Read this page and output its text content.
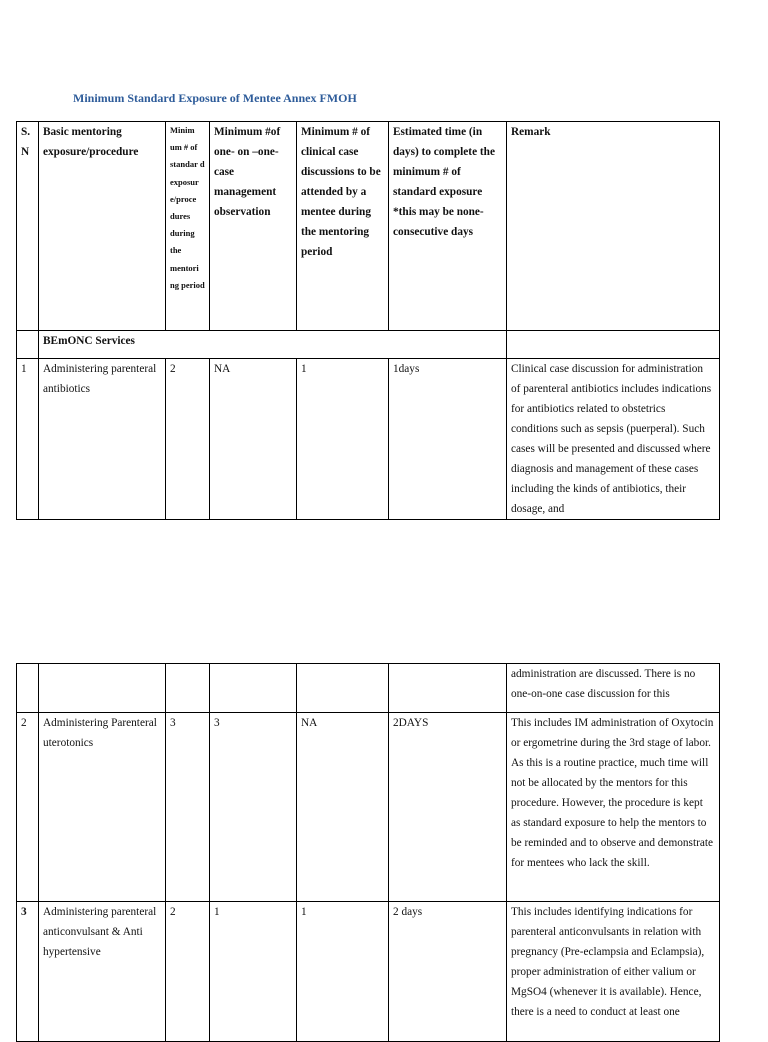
Minimum Standard Exposure of Mentee Annex FMOH
S. N	Basic mentoring exposure/procedure	Minim um # of standar d exposur e/proce dures during the mentori ng period	Minimum #of one- on –one- case management observation	Minimum # of clinical case discussions to be attended by a mentee during the mentoring period	Estimated time (in days) to complete the minimum # of standard exposure *this may be none- consecutive days	Remark
	BEmONC Services					
1	Administering parenteral antibiotics	2	NA	1	1days	Clinical case discussion for administration of parenteral antibiotics includes indications for antibiotics related to obstetrics conditions such as sepsis (puerperal). Such cases will be presented and discussed where diagnosis and management of these cases including the kinds of antibiotics, their dosage, and
						administration are discussed. There is no one-on-one case discussion for this
2	Administering Parenteral uterotonics	3	3	NA	2DAYS	This includes IM administration of Oxytocin or ergometrine during the 3rd stage of labor. As this is a routine practice, much time will not be allocated by the mentors for this procedure. However, the procedure is kept as standard exposure to help the mentors to be reminded and to observe and demonstrate for mentees who lack the skill.
3	Administering parenteral anticonvulsant & Anti hypertensive	2	1	1	2 days	This includes identifying indications for parenteral anticonvulsants in relation with pregnancy (Pre-eclampsia and Eclampsia), proper administration of either valium or MgSO4 (whenever it is available). Hence, there is a need to conduct at least one
